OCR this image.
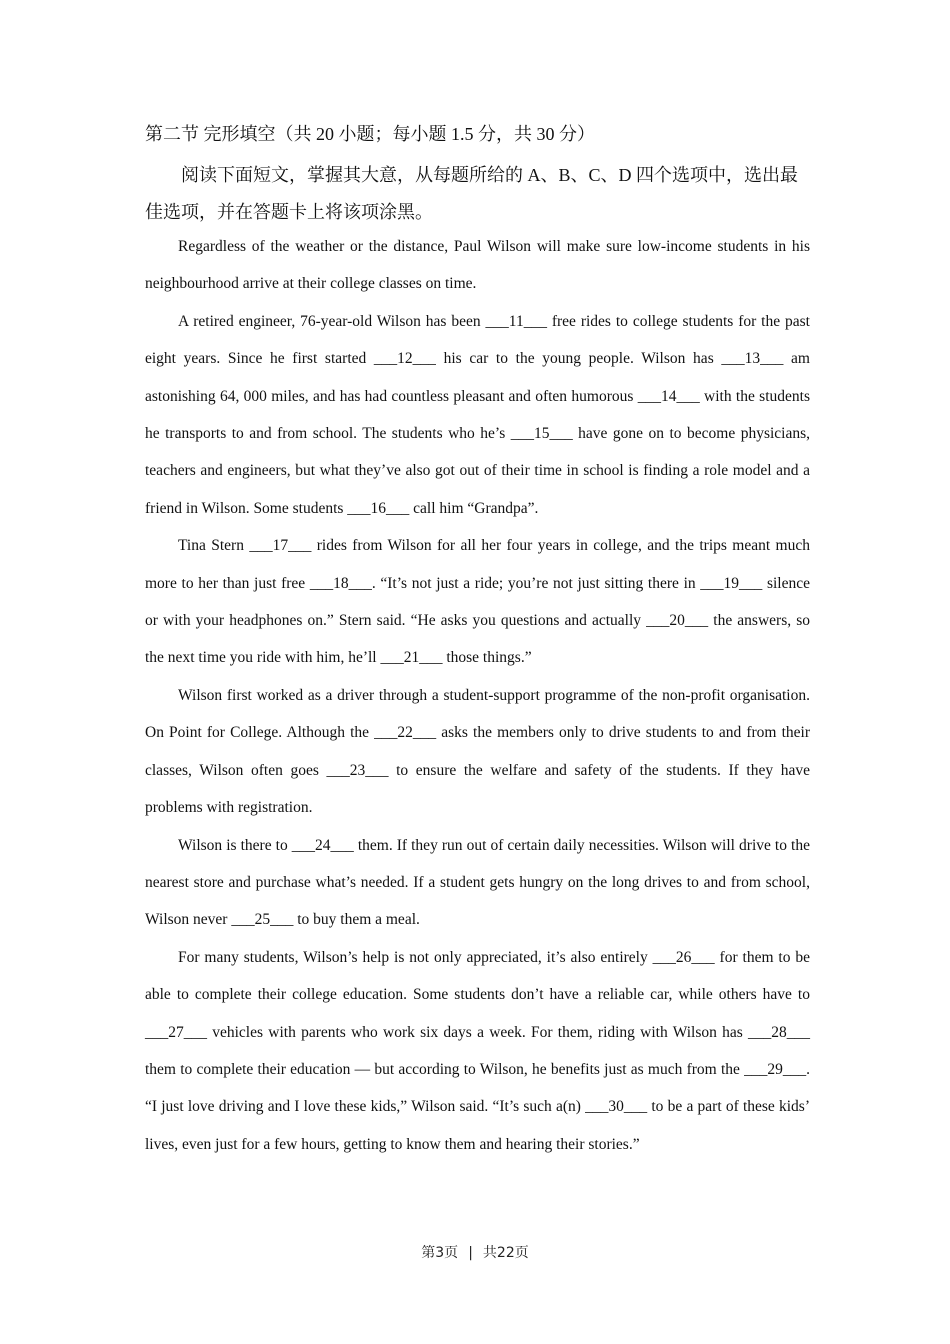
第二节 完形填空（共 20 小题；每小题 1.5 分，共 30 分）
阅读下面短文，掌握其大意，从每题所给的 A、B、C、D 四个选项中，选出最佳选项，并在答题卡上将该项涂黑。

Regardless of the weather or the distance, Paul Wilson will make sure low-income students in his neighbourhood arrive at their college classes on time.

A retired engineer, 76-year-old Wilson has been ___11___ free rides to college students for the past eight years. Since he first started ___12___ his car to the young people. Wilson has ___13___ am astonishing 64, 000 miles, and has had countless pleasant and often humorous ___14___ with the students he transports to and from school. The students who he’s ___15___ have gone on to become physicians, teachers and engineers, but what they’ve also got out of their time in school is finding a role model and a friend in Wilson. Some students ___16___ call him “Grandpa”.

Tina Stern ___17___ rides from Wilson for all her four years in college, and the trips meant much more to her than just free ___18___. “It’s not just a ride; you’re not just sitting there in ___19___ silence or with your headphones on.” Stern said. “He asks you questions and actually ___20___ the answers, so the next time you ride with him, he’ll ___21___ those things.”

Wilson first worked as a driver through a student-support programme of the non-profit organisation. On Point for College. Although the ___22___ asks the members only to drive students to and from their classes, Wilson often goes ___23___ to ensure the welfare and safety of the students. If they have problems with registration.

Wilson is there to ___24___ them. If they run out of certain daily necessities. Wilson will drive to the nearest store and purchase what’s needed. If a student gets hungry on the long drives to and from school, Wilson never ___25___ to buy them a meal.

For many students, Wilson’s help is not only appreciated, it’s also entirely ___26___ for them to be able to complete their college education. Some students don’t have a reliable car, while others have to ___27___ vehicles with parents who work six days a week. For them, riding with Wilson has ___28___ them to complete their education — but according to Wilson, he benefits just as much from the ___29___. “I just love driving and I love these kids,” Wilson said. “It’s such a(n) ___30___ to be a part of these kids’ lives, even just for a few hours, getting to know them and hearing their stories.”

第3页 | 共22页
